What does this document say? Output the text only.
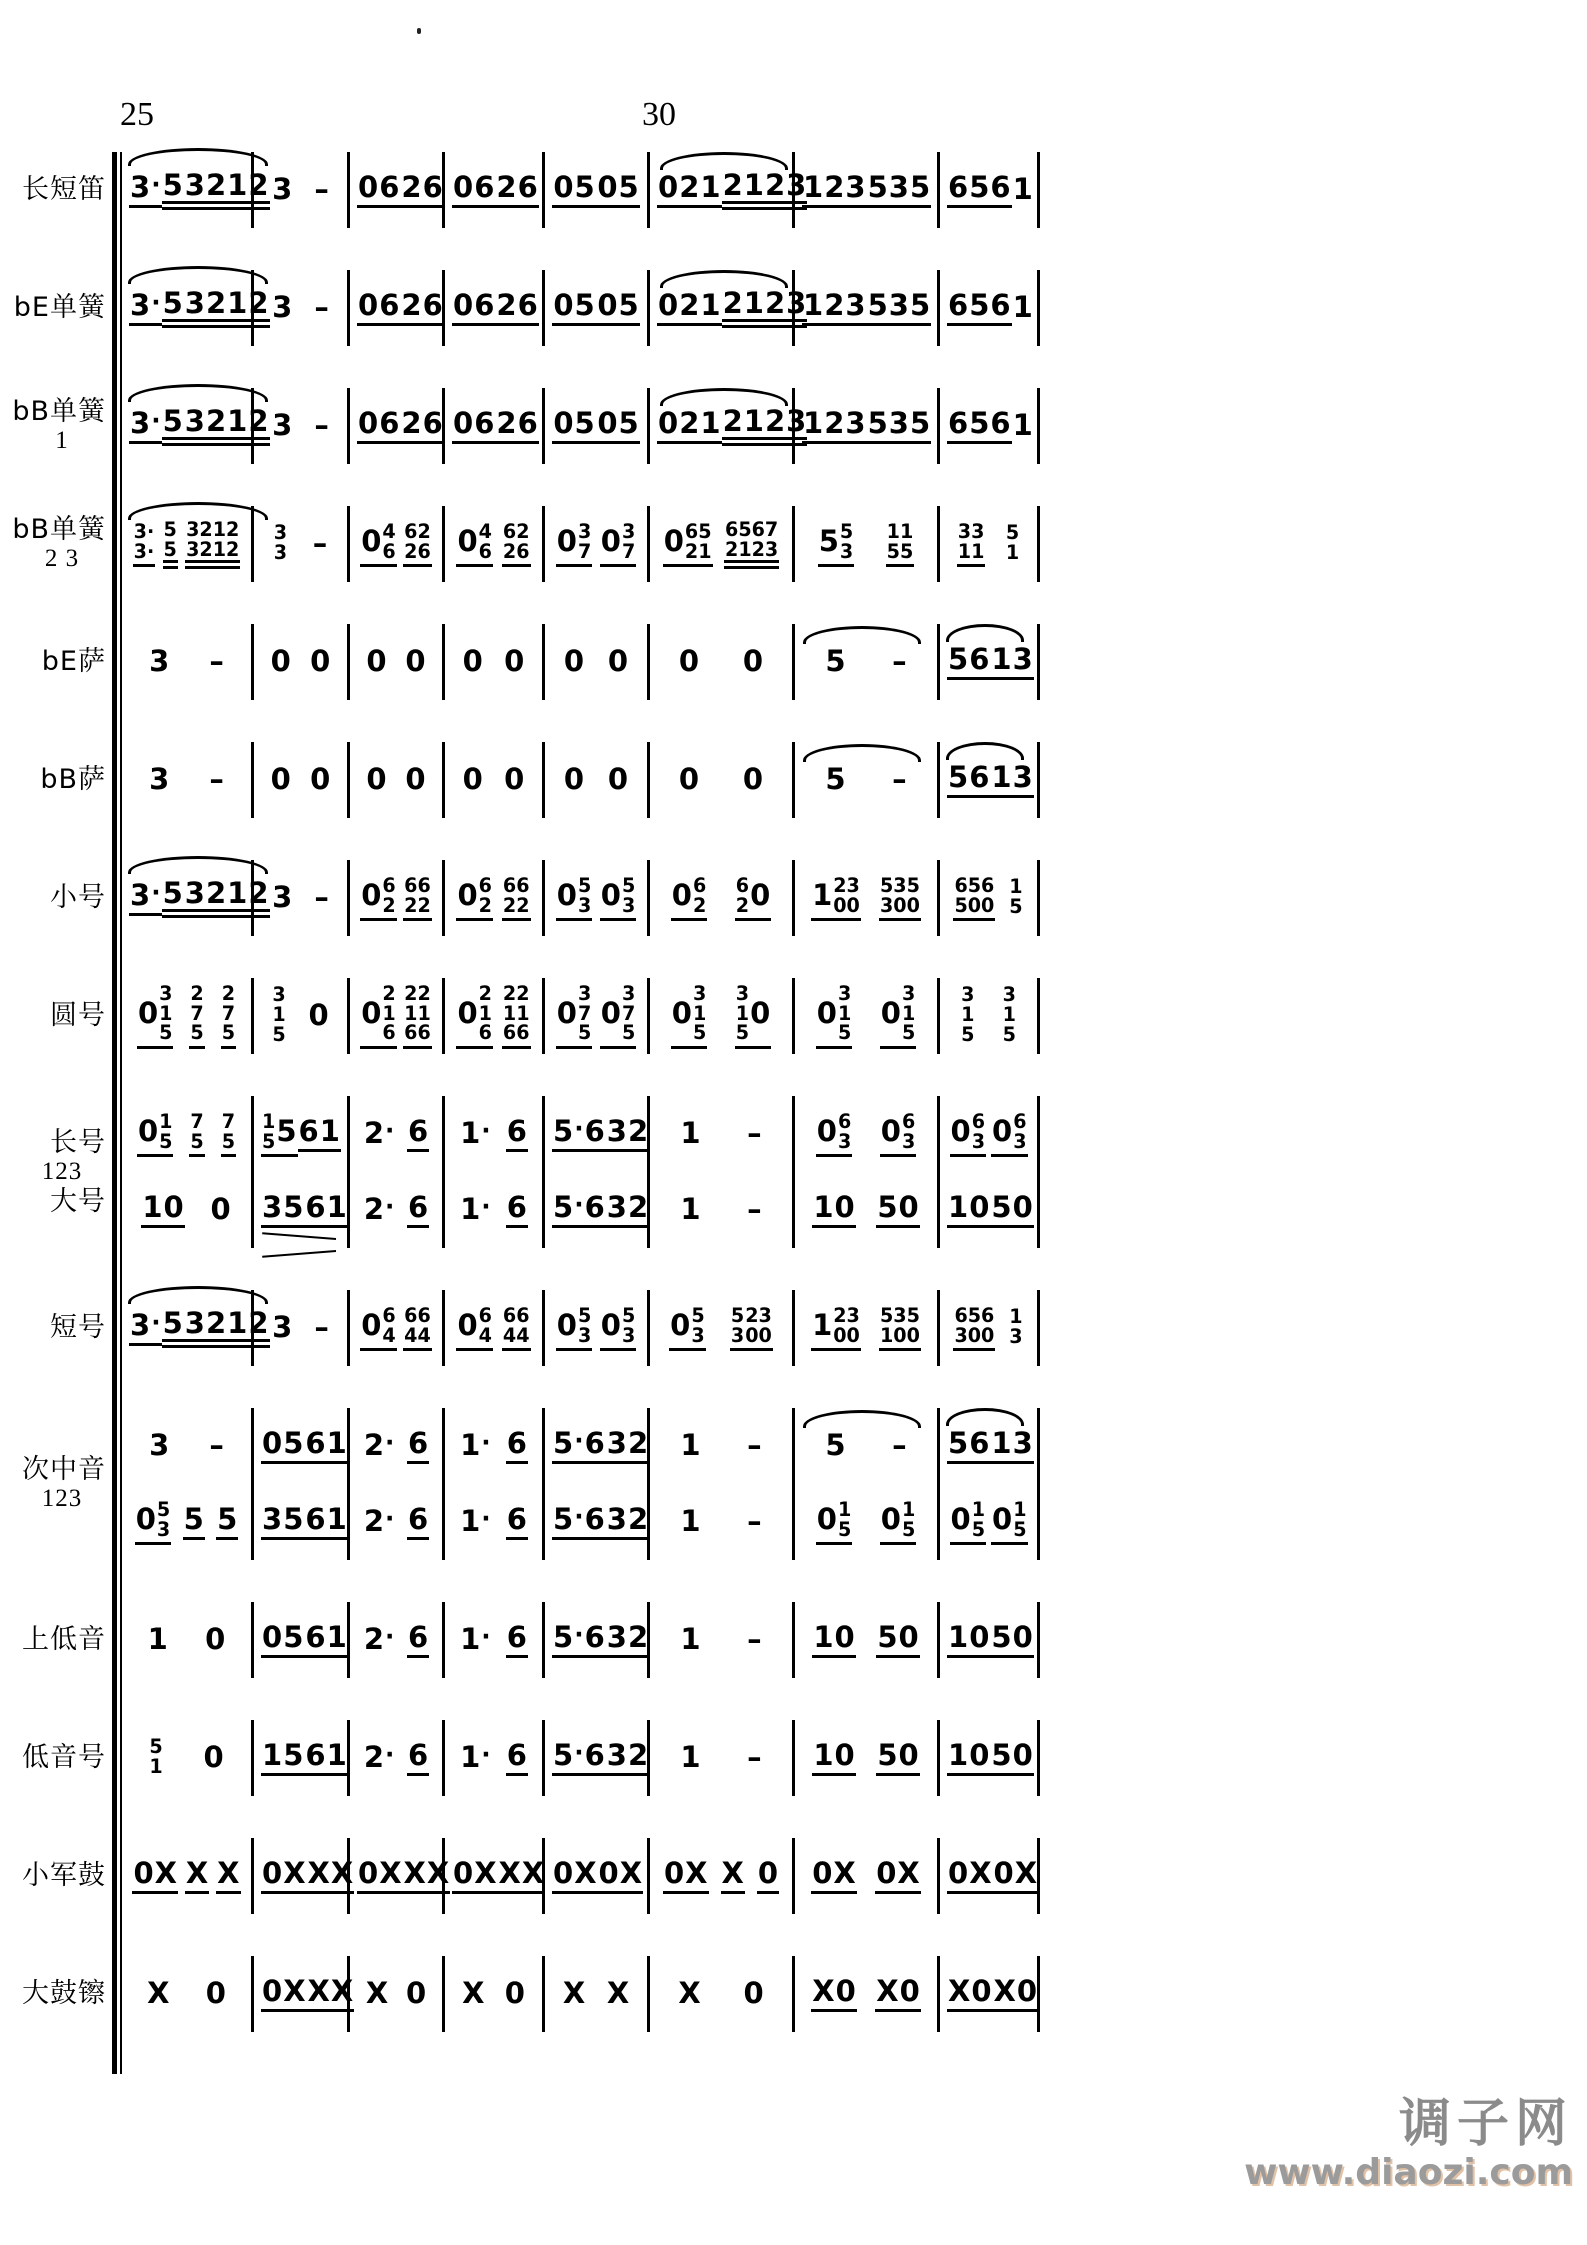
25	30
长短笛 3 · 5 3 2 1 2 3 – 0 6 2 6 0 6 2 6 0 5 0 5 0 2 1 2 1 2 3
1 2 3 5 3 5 6 5 6 1
bE单簧 3 · 5 3 2 1 2 3 – 0 6 2 6 0 6 2 6 0 5 0 5 0 2 1 2 1 2 3
1 2 3 5 3 5 6 5 6 1
bB单簧
1
3 · 5 3 2 1 2 3 – 0 6 2 6 0 6 2 6 0 5 0 5 0 2 1 2 1 2 3
1 2 3 5 3 5 6 5 6 1
bB单簧
2 3
3·
3·
5
5
3212
3212
3
3 – 0 4
6
62
26 0 4
6
62
26 0 3
7 0 3
7 0 65
21
6567
2123 5 5
3
11
55
33
11
5
1
bE萨 3 – 0 0 0 0 0 0 0 0 0 0 5 – 5 6 1 3
bB萨 3 – 0 0 0 0 0 0 0 0 0 0 5 – 5 6 1 3
小号 3 · 5 3 2 1 2 3 – 0 6
2
66
22 0 6
2
66
22 0 5
3 0 5
3 0 6
2
6
2 0 1 23
00
535
300
656
500
1
5
圆号 0
3
1
5
2
7
5
2
7
5
3
1
5
0 0
2
1
6
22
11
66
0
2
1
6
22
11
66
0
3
7
5
0
3
7
5
0
3
1
5
3
1
5
0 0
3
1
5
0
3
1
5
3
1
5
3
1
5
长号
123
大号
0 1
5
7
5
7
5
1
5 5 6 1 2 · 6 1 · 6 5 · 6 3 2 1 – 0 6
3 0 6
3 0 6
3 0 6
3
1 0 0 3 5 6 1 2 · 6 1 · 6 5 · 6 3 2 1 – 1 0 5 0 1 0 5 0
短号 3 · 5 3 2 1 2 3 – 0 6
4
66
44 0 6
4
66
44 0 5
3 0 5
3 0 5
3
5
3
23
00 1 23
00
535
100
656
300
1
3
次中音
123
3 – 0 5 6 1 2 · 6 1 · 6 5 · 6 3 2 1 – 5 – 5 6 1 3
0 5
3 5 5 3 5 6 1 2 · 6 1 · 6 5 · 6 3 2 1 – 0 1
5 0 1
5 0 1
5 0 1
5
上低音 1 0 0 5 6 1 2 · 6 1 · 6 5 · 6 3 2 1 – 1 0 5 0 1 0 5 0
低音号 5
1 0 1 5 6 1 2 · 6 1 · 6 5 · 6 3 2 1 – 1 0 5 0 1 0 5 0
小军鼓 0 X X X 0 X X X 0 X X X 0 X X X 0 X 0 X 0 X X 0 0 X 0 X 0 X 0 X
大鼓镲 X 0 0 X X X X 0 X 0 X X X 0 X 0 X 0 X 0 X 0
调子网
www.diaozi.com
